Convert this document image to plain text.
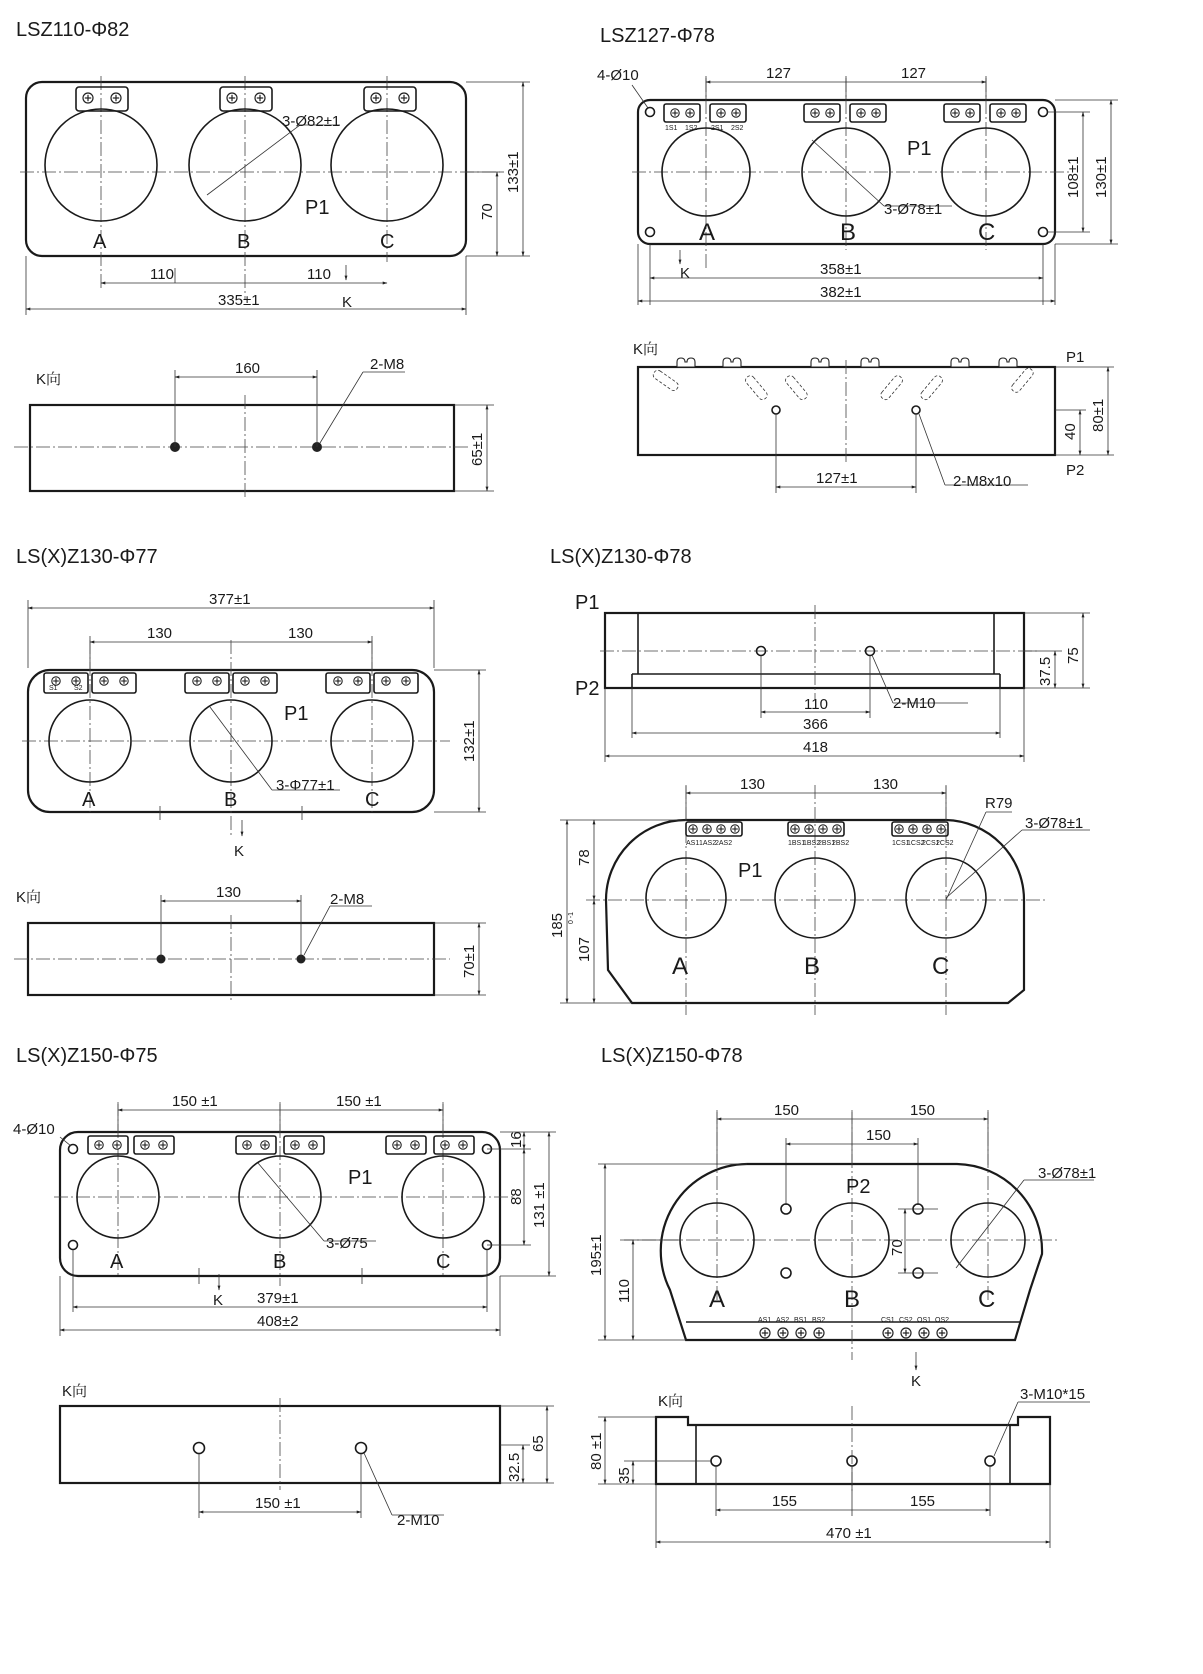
LSZ110-Φ82
3-Ø82±1
P1
A	B	C
110	110
335±1	K
133±1
70
K向
160	2-M8
65±1
LSZ127-Φ78
1S1 1S2 2S1 2S2
4-Ø10	127	127
P1
3-Ø78±1
A	B	C
K	358±1
382±1
108±1 130±1
K向	P1
P2
127±1	2-M8x10
40 80±1
LS(X)Z130-Φ77
377±1
130	130
S1 S2
P1
3-Φ77±1
A	B	C
K
132±1
K向	130	2-M8
70±1
LS(X)Z130-Φ78
P1
P2
37.5
75
110	2-M10
366
418
130	130
AS1 1AS2
2AS2	1BS1
1BS2
2BS1
2BS2	1CS1
1CS2
2CS1
2CS2
P1
R79
3-Ø78±1
A	B	C
185 0 -1
78
107
LS(X)Z150-Φ75
150 ±1	150 ±1
4-Ø10
P1
3-Ø75
A	B	C
K 379±1
408±2
16
88 131 ±1
K向
150 ±1
2-M10
32.5
65
LS(X)Z150-Φ78
150	150
150
P2
3-Ø78±1
70
A	B	C
AS1 AS2 BS1 BS2	CS1 CS2 OS1 OS2
K
195±1
110
K向	3-M10*15
80 ±1
35
155	155
470 ±1
